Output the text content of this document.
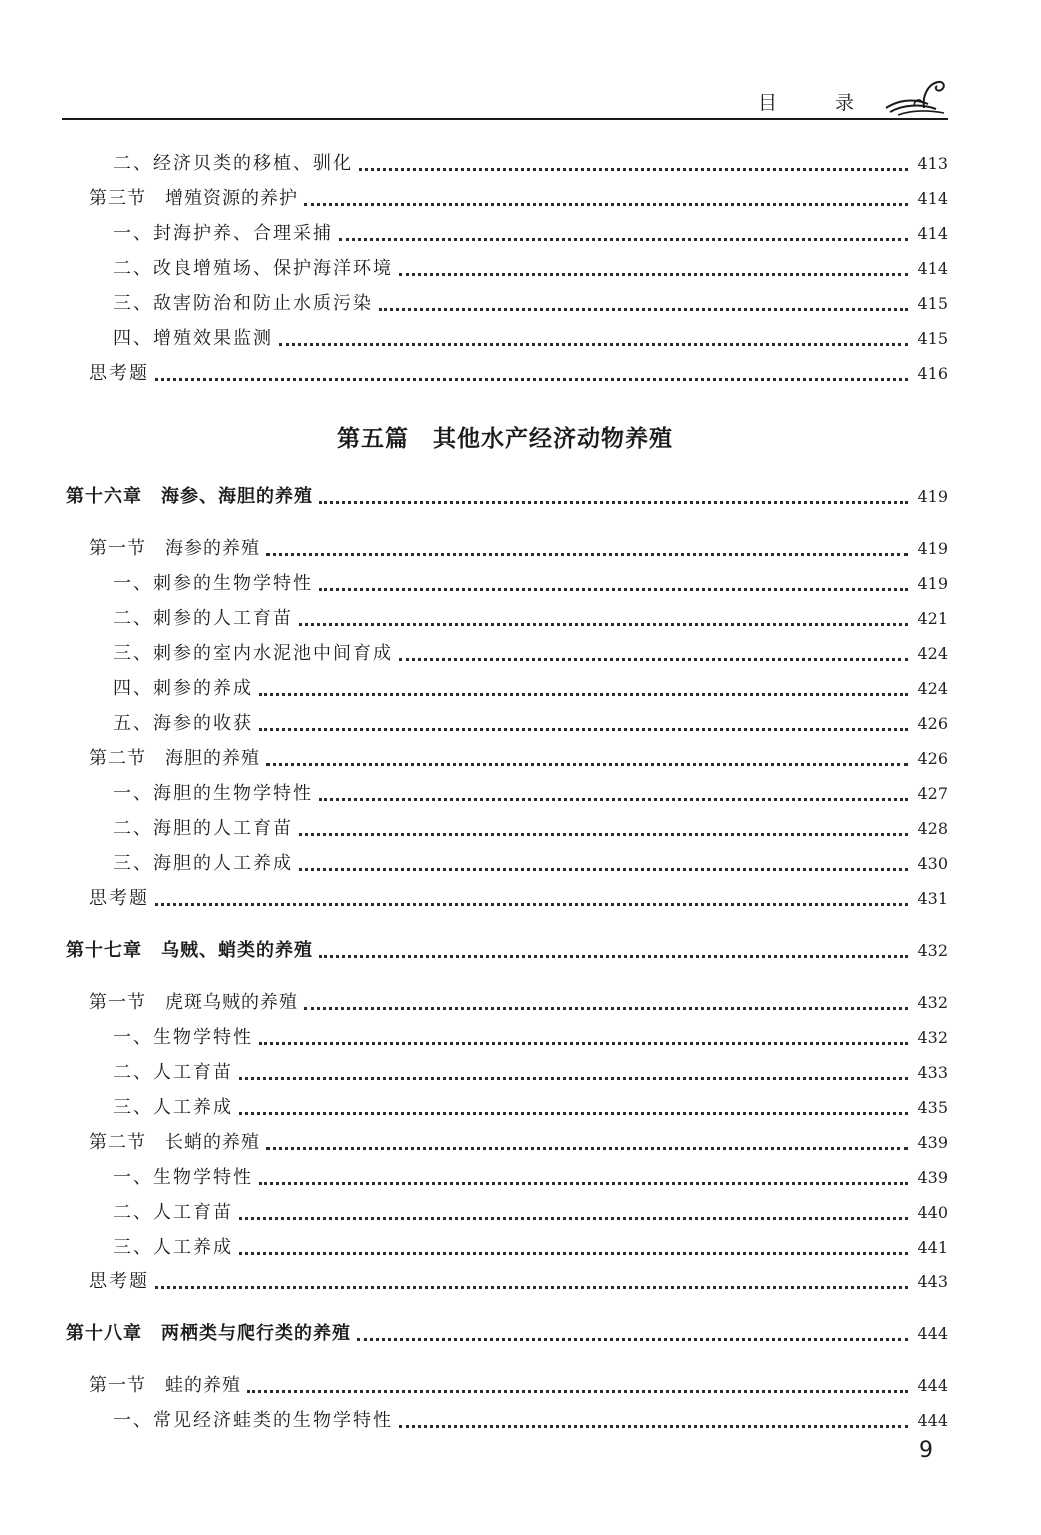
目 录
二、经济贝类的移植、驯化	413
第三节　增殖资源的养护	414
一、封海护养、合理采捕	414
二、改良增殖场、保护海洋环境	414
三、敌害防治和防止水质污染	415
四、增殖效果监测	415
思考题	416
第十六章　海参、海胆的养殖	419
第一节　海参的养殖	419
一、刺参的生物学特性	419
二、刺参的人工育苗	421
三、刺参的室内水泥池中间育成	424
四、刺参的养成	424
五、海参的收获	426
第二节　海胆的养殖	426
一、海胆的生物学特性	427
二、海胆的人工育苗	428
三、海胆的人工养成	430
思考题	431
第十七章　乌贼、蛸类的养殖	432
第一节　虎斑乌贼的养殖	432
一、生物学特性	432
二、人工育苗	433
三、人工养成	435
第二节　长蛸的养殖	439
一、生物学特性	439
二、人工育苗	440
三、人工养成	441
思考题	443
第十八章　两栖类与爬行类的养殖	444
第一节　蛙的养殖	444
一、常见经济蛙类的生物学特性	444
第五篇　其他水产经济动物养殖
9
